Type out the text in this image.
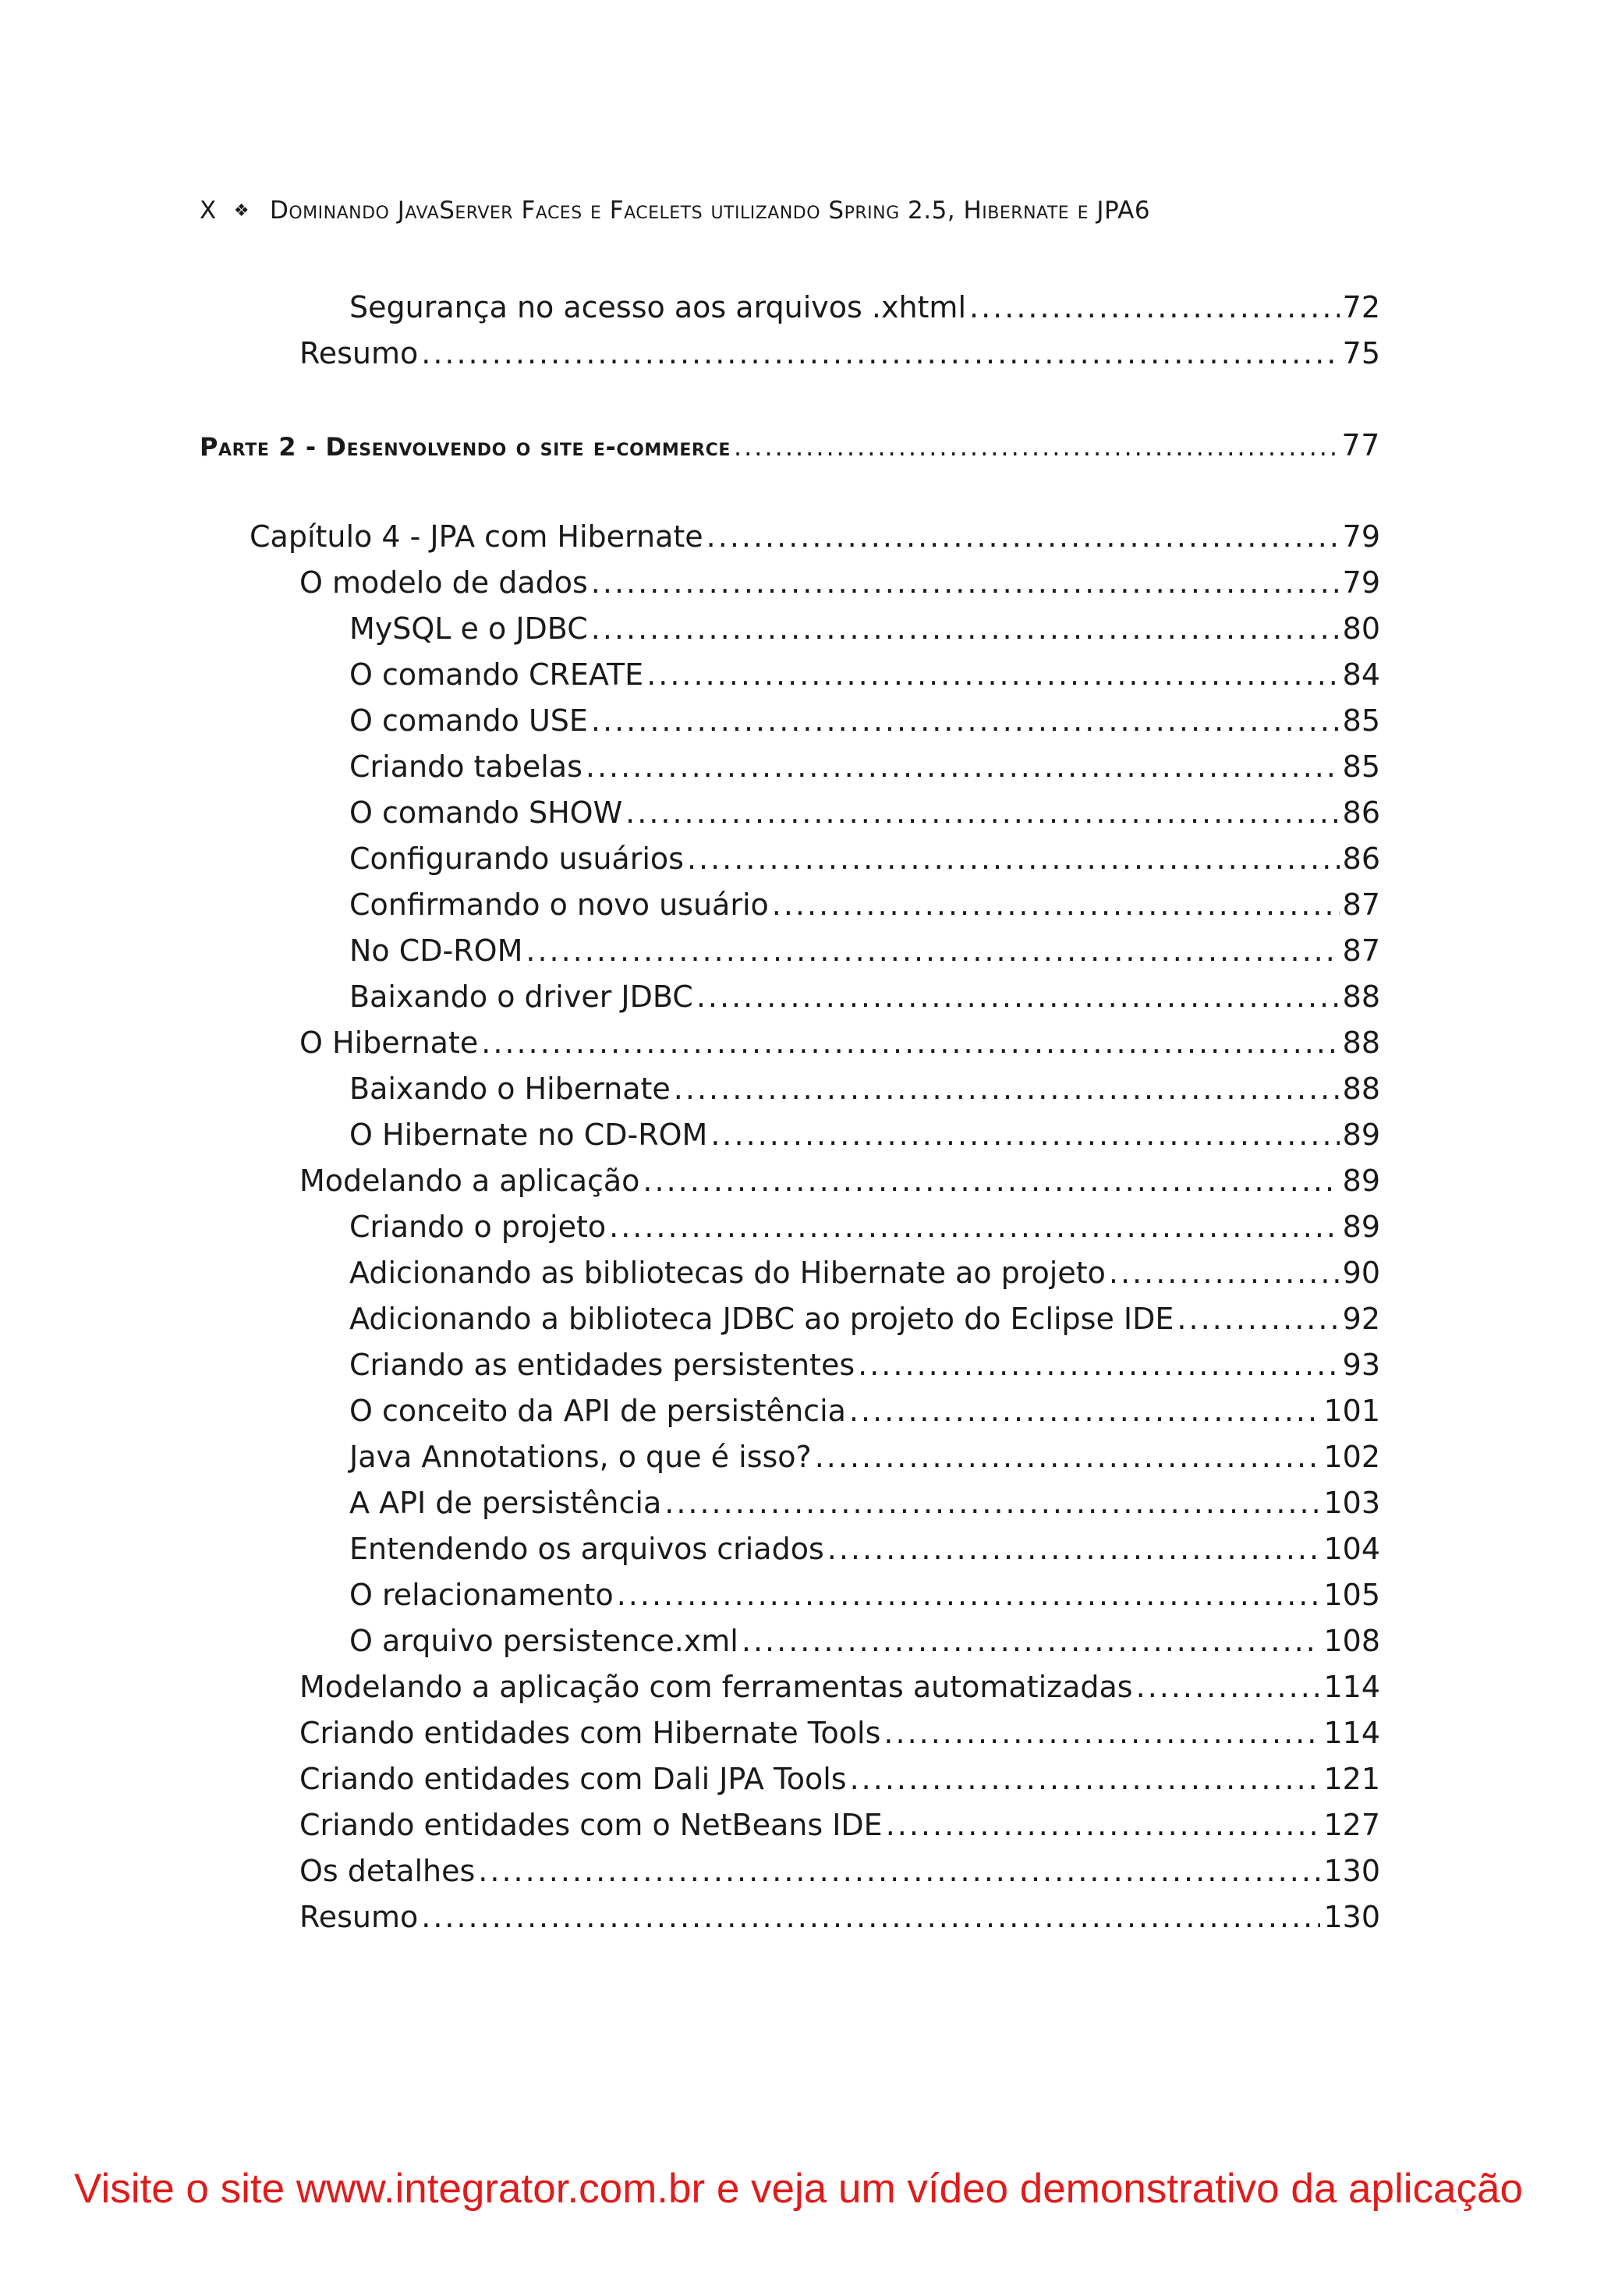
X ❖ Dominando JavaServer Faces e Facelets utilizando Spring 2.5, Hibernate e JPA6
Segurança no acesso aos arquivos .xhtml .....	72
Resumo .....	75
Parte 2 - Desenvolvendo o site e-commerce .....	77
Capítulo 4 - JPA com Hibernate .....	79
O modelo de dados .....	79
MySQL e o JDBC .....	80
O comando CREATE .....	84
O comando USE .....	85
Criando tabelas .....	85
O comando SHOW .....	86
Configurando usuários .....	86
Confirmando o novo usuário .....	87
No CD-ROM .....	87
Baixando o driver JDBC .....	88
O Hibernate .....	88
Baixando o Hibernate .....	88
O Hibernate no CD-ROM .....	89
Modelando a aplicação .....	89
Criando o projeto .....	89
Adicionando as bibliotecas do Hibernate ao projeto .....	90
Adicionando a biblioteca JDBC ao projeto do Eclipse IDE .....	92
Criando as entidades persistentes .....	93
O conceito da API de persistência .....	101
Java Annotations, o que é isso? .....	102
A API de persistência .....	103
Entendendo os arquivos criados .....	104
O relacionamento .....	105
O arquivo persistence.xml .....	108
Modelando a aplicação com ferramentas automatizadas .....	114
Criando entidades com Hibernate Tools .....	114
Criando entidades com Dali JPA Tools .....	121
Criando entidades com o NetBeans IDE .....	127
Os detalhes .....	130
Resumo .....	130
Visite o site www.integrator.com.br e veja um vídeo demonstrativo da aplicação
